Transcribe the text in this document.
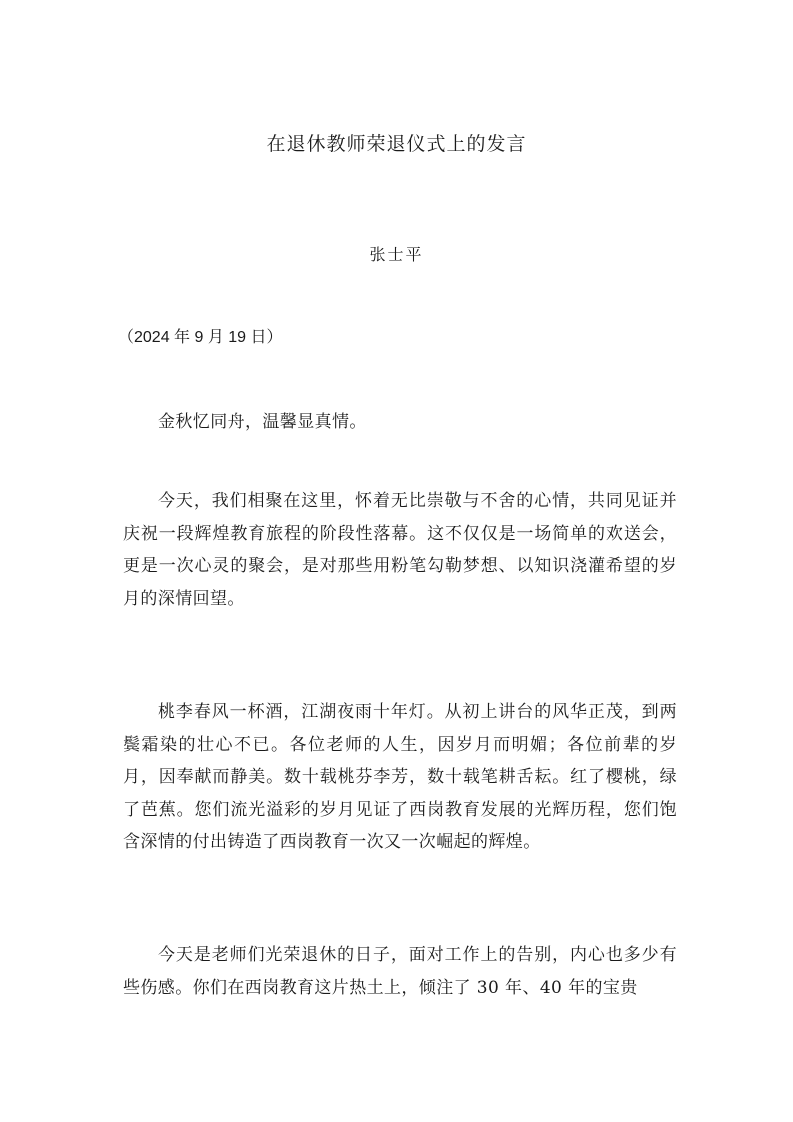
在退休教师荣退仪式上的发言
张士平
（2024 年 9 月 19 日）
金秋忆同舟，温馨显真情。
今天，我们相聚在这里，怀着无比崇敬与不舍的心情，共同见证并庆祝一段辉煌教育旅程的阶段性落幕。这不仅仅是一场简单的欢送会，更是一次心灵的聚会，是对那些用粉笔勾勒梦想、以知识浇灌希望的岁月的深情回望。
桃李春风一杯酒，江湖夜雨十年灯。从初上讲台的风华正茂，到两鬓霜染的壮心不已。各位老师的人生，因岁月而明媚；各位前辈的岁月，因奉献而静美。数十载桃芬李芳，数十载笔耕舌耘。红了樱桃，绿了芭蕉。您们流光溢彩的岁月见证了西岗教育发展的光辉历程，您们饱含深情的付出铸造了西岗教育一次又一次崛起的辉煌。
今天是老师们光荣退休的日子，面对工作上的告别，内心也多少有些伤感。你们在西岗教育这片热土上，倾注了 30 年、40 年的宝贵
